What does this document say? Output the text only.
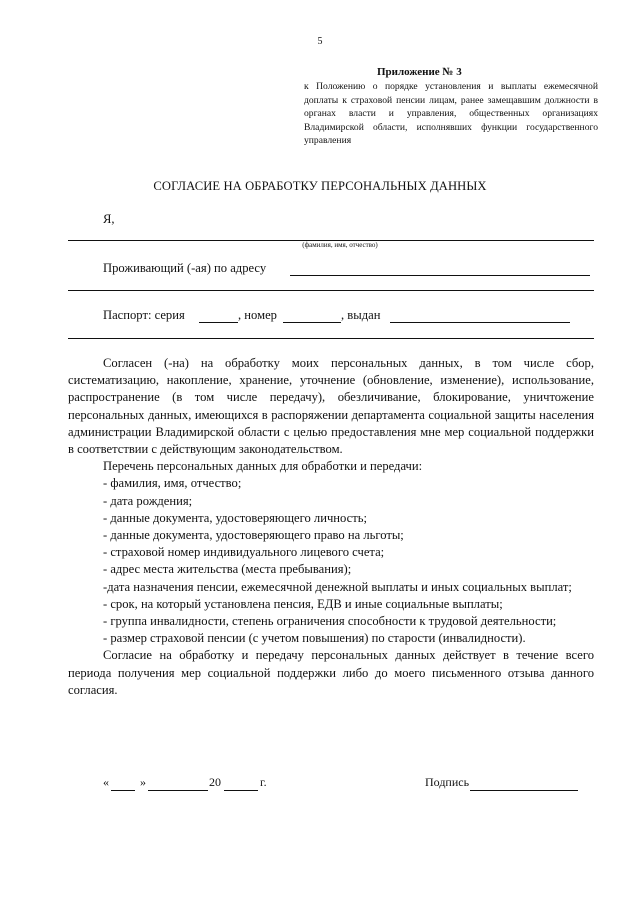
5
Приложение № 3
к Положению о порядке установления и выплаты ежемесячной доплаты к страховой пенсии лицам, ранее замещавшим должности в органах власти и управления, общественных организациях Владимирской области, исполнявших функции государственного управления
СОГЛАСИЕ НА ОБРАБОТКУ ПЕРСОНАЛЬНЫХ ДАННЫХ
Я,
(фамилия, имя, отчество)
Проживающий (-ая) по адресу
Паспорт: серия	, номер	, выдан

Согласен (-на) на обработку моих персональных данных, в том числе сбор, систематизацию, накопление, хранение, уточнение (обновление, изменение), использование, распространение (в том числе передачу), обезличивание, блокирование, уничтожение персональных данных, имеющихся в распоряжении департамента социальной защиты населения администрации Владимирской области с целью предоставления мне мер социальной поддержки в соответствии с действующим законодательством.

Перечень персональных данных для обработки и передачи:

- фамилия, имя, отчество;

- дата рождения;

- данные документа, удостоверяющего личность;

- данные документа, удостоверяющего право на льготы;

- страховой номер индивидуального лицевого счета;

- адрес места жительства (места пребывания);

-дата назначения пенсии, ежемесячной денежной выплаты и иных социальных выплат;

- срок, на который установлена пенсия, ЕДВ и иные социальные выплаты;

- группа инвалидности, степень ограничения способности к трудовой деятельности;

- размер страховой пенсии (с учетом повышения) по старости (инвалидности).

Согласие на обработку и передачу персональных данных действует в течение всего периода получения мер социальной поддержки либо до моего письменного отзыва данного согласия.

«	»	20	г.	Подпись
